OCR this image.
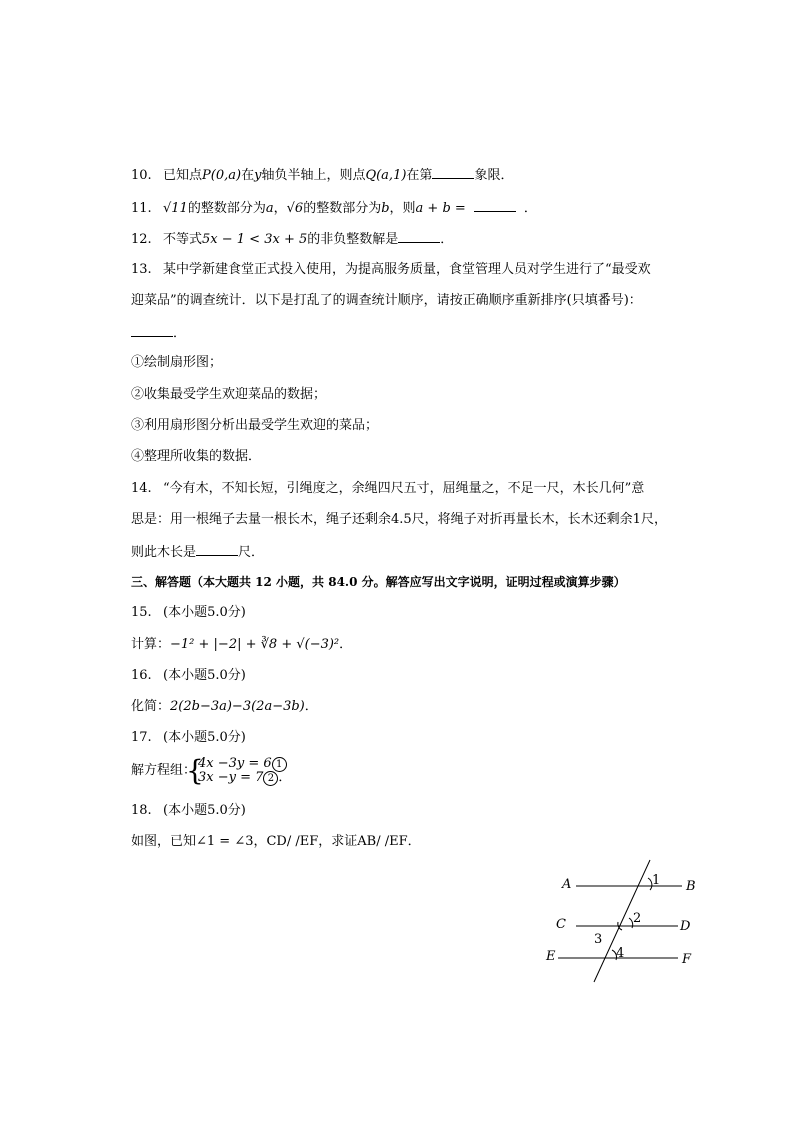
10. 已知点P(0,a)在y轴负半轴上，则点Q(a,1)在第	象限．
11. √11的整数部分为a，√6的整数部分为b，则a + b =	．
12. 不等式5x − 1 < 3x + 5的非负整数解是	．
13. 某中学新建食堂正式投入使用，为提高服务质量，食堂管理人员对学生进行了“最受欢
迎菜品”的调查统计．以下是打乱了的调查统计顺序，请按正确顺序重新排序(只填番号)：
．
①绘制扇形图；
②收集最受学生欢迎菜品的数据；
③利用扇形图分析出最受学生欢迎的菜品；
④整理所收集的数据．
14. “今有木，不知长短，引绳度之，余绳四尺五寸，屈绳量之，不足一尺，木长几何”意
思是：用一根绳子去量一根长木，绳子还剩余4.5尺，将绳子对折再量长木，长木还剩余1尺，
则此木长是	尺．
三、解答题（本大题共 12 小题，共 84.0 分。解答应写出文字说明，证明过程或演算步骤）
15. (本小题5.0分)
计算：−1² + |−2| + ∛8 + √(−3)²．
16. (本小题5.0分)
化简：2(2b−3a)−3(2a−3b)．
17. (本小题5.0分)
解方程组：
{
4x −3y = 6 1
3x −y = 7 2 ．
18. (本小题5.0分)
如图，已知∠1 = ∠3，CD/ /EF，求证AB/ /EF．
A	B
C	D
E	F
1
2
3
4
